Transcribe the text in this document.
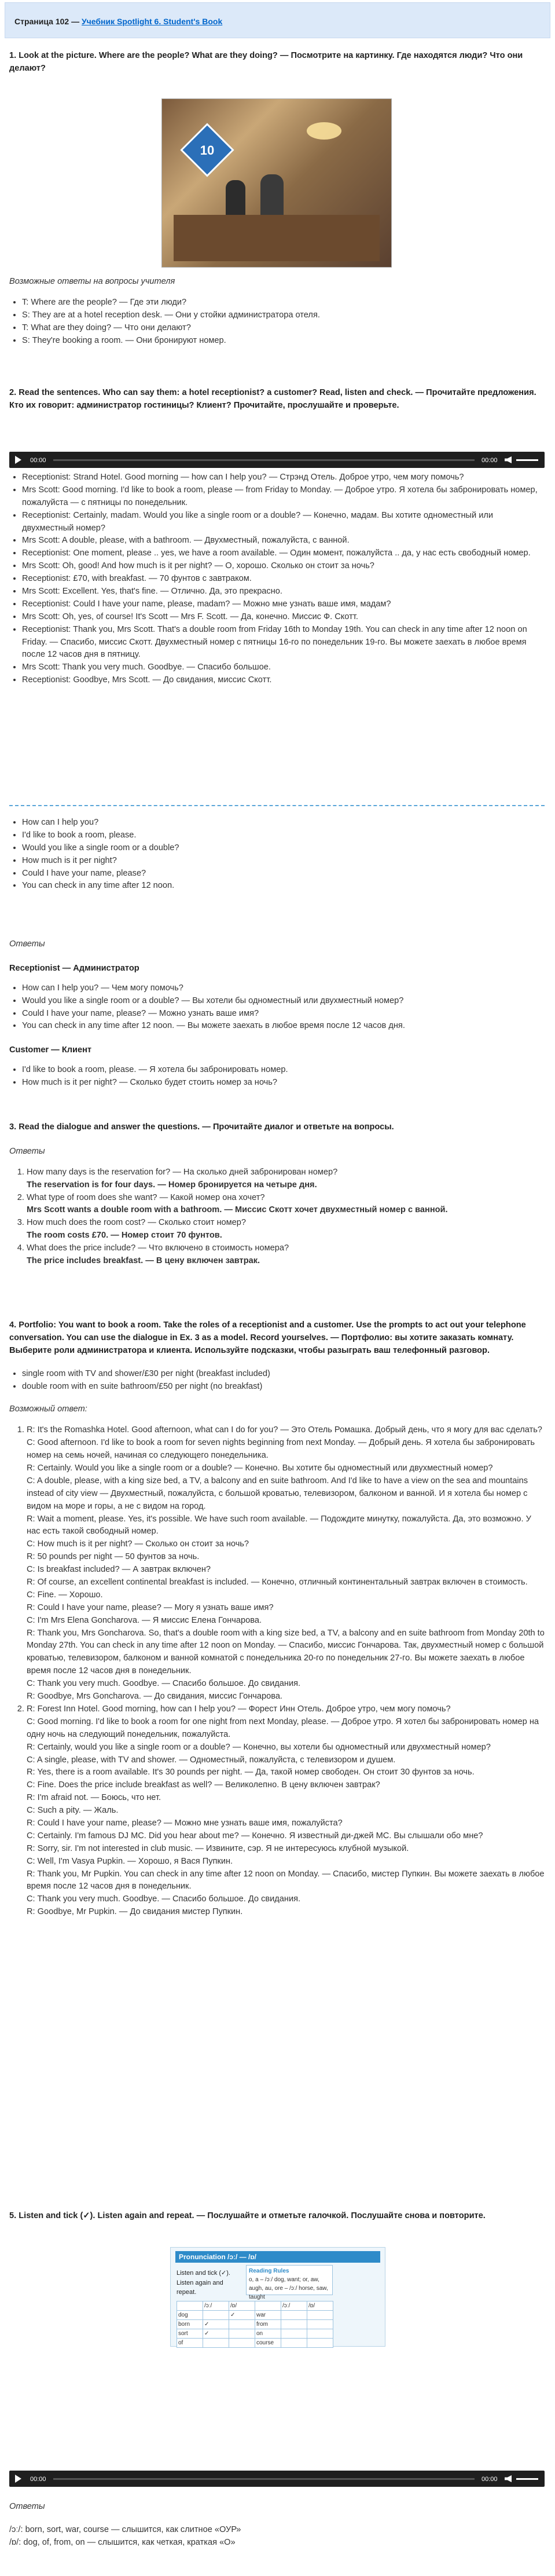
Страница 102 — Учебник Spotlight 6. Student's Book

1. Look at the picture. Where are the people? What are they doing? — Посмотрите на картинку. Где находятся люди? Что они делают?

10
Возможные ответы на вопросы учителя
• T: Where are the people? — Где эти люди?
• S: They are at a hotel reception desk. — Они у стойки администратора отеля.
• T: What are they doing? — Что они делают?
• S: They're booking a room. — Они бронируют номер.

2. Read the sentences. Who can say them: a hotel receptionist? a customer? Read, listen and check. — Прочитайте предложения. Кто их говорит: администратор гостиницы? Клиент? Прочитайте, прослушайте и проверьте.

00:00	00:00
• Receptionist: Strand Hotel. Good morning — how can I help you? — Стрэнд Отель. Доброе утро, чем могу помочь?
• Mrs Scott: Good morning. I'd like to book a room, please — from Friday to Monday. — Доброе утро. Я хотела бы забронировать номер, пожалуйста — с пятницы по понедельник.
• Receptionist: Certainly, madam. Would you like a single room or a double? — Конечно, мадам. Вы хотите одноместный или двухместный номер?
• Mrs Scott: A double, please, with a bathroom. — Двухместный, пожалуйста, с ванной.
• Receptionist: One moment, please .. yes, we have a room available. — Один момент, пожалуйста .. да, у нас есть свободный номер.
• Mrs Scott: Oh, good! And how much is it per night? — О, хорошо. Сколько он стоит за ночь?
• Receptionist: £70, with breakfast. — 70 фунтов с завтраком.
• Mrs Scott: Excellent. Yes, that's fine. — Отлично. Да, это прекрасно.
• Receptionist: Could I have your name, please, madam? — Можно мне узнать ваше имя, мадам?
• Mrs Scott: Oh, yes, of course! It's Scott — Mrs F. Scott. — Да, конечно. Миссис Ф. Скотт.
• Receptionist: Thank you, Mrs Scott. That's a double room from Friday 16th to Monday 19th. You can check in any time after 12 noon on Friday. — Спасибо, миссис Скотт. Двухместный номер с пятницы 16-го по понедельник 19-го. Вы можете заехать в любое время после 12 часов дня в пятницу.
• Mrs Scott: Thank you very much. Goodbye. — Спасибо большое.
• Receptionist: Goodbye, Mrs Scott. — До свидания, миссис Скотт.
• How can I help you?
• I'd like to book a room, please.
• Would you like a single room or a double?
• How much is it per night?
• Could I have your name, please?
• You can check in any time after 12 noon.
Ответы
Receptionist — Администратор
• How can I help you? — Чем могу помочь?
• Would you like a single room or a double? — Вы хотели бы одноместный или двухместный номер?
• Could I have your name, please? — Можно узнать ваше имя?
• You can check in any time after 12 noon. — Вы можете заехать в любое время после 12 часов дня.
Customer — Клиент
• I'd like to book a room, please. — Я хотела бы забронировать номер.
• How much is it per night? — Сколько будет стоить номер за ночь?

3. Read the dialogue and answer the questions. — Прочитайте диалог и ответьте на вопросы.

Ответы
1. How many days is the reservation for? — На сколько дней забронирован номер?
The reservation is for four days. — Номер бронируется на четыре дня.
2. What type of room does she want? — Какой номер она хочет?
Mrs Scott wants a double room with a bathroom. — Миссис Скотт хочет двухместный номер с ванной.
3. How much does the room cost? — Сколько стоит номер?
The room costs £70. — Номер стоит 70 фунтов.
4. What does the price include? — Что включено в стоимость номера?
The price includes breakfast. — В цену включен завтрак.

4. Portfolio: You want to book a room. Take the roles of a receptionist and a customer. Use the prompts to act out your telephone conversation. You can use the dialogue in Ex. 3 as a model. Record yourselves. — Портфолио: вы хотите заказать комнату. Выберите роли администратора и клиента. Используйте подсказки, чтобы разыграть ваш телефонный разговор.

• single room with TV and shower/£30 per night (breakfast included)
• double room with en suite bathroom/£50 per night (no breakfast)
Возможный ответ:
1. R: It's the Romashka Hotel. Good afternoon, what can I do for you? — Это Отель Ромашка. Добрый день, что я могу для вас сделать?
C: Good afternoon. I'd like to book a room for seven nights beginning from next Monday. — Добрый день. Я хотела бы забронировать номер на семь ночей, начиная со следующего понедельника.
R: Certainly. Would you like a single room or a double? — Конечно. Вы хотите бы одноместный или двухместный номер?
C: A double, please, with a king size bed, a TV, a balcony and en suite bathroom. And I'd like to have a view on the sea and mountains instead of city view — Двухместный, пожалуйста, с большой кроватью, телевизором, балконом и ванной. И я хотела бы номер с видом на море и горы, а не с видом на город.
R: Wait a moment, please. Yes, it's possible. We have such room available. — Подождите минутку, пожалуйста. Да, это возможно. У нас есть такой свободный номер.
C: How much is it per night? — Сколько он стоит за ночь?
R: 50 pounds per night — 50 фунтов за ночь.
C: Is breakfast included? — А завтрак включен?
R: Of course, an excellent continental breakfast is included. — Конечно, отличный континентальный завтрак включен в стоимость.
C: Fine. — Хорошо.
R: Could I have your name, please? — Могу я узнать ваше имя?
C: I'm Mrs Elena Goncharova. — Я миссис Елена Гончарова.
R: Thank you, Mrs Goncharova. So, that's a double room with a king size bed, a TV, a balcony and en suite bathroom from Monday 20th to Monday 27th. You can check in any time after 12 noon on Monday. — Спасибо, миссис Гончарова. Так, двухместный номер с большой кроватью, телевизором, балконом и ванной комнатой с понедельника 20-го по понедельник 27-го. Вы можете заехать в любое время после 12 часов дня в понедельник.
C: Thank you very much. Goodbye. — Спасибо большое. До свидания.
R: Goodbye, Mrs Goncharova. — До свидания, миссис Гончарова.
2. R: Forest Inn Hotel. Good morning, how can I help you? — Форест Инн Отель. Доброе утро, чем могу помочь?
C: Good morning. I'd like to book a room for one night from next Monday, please. — Доброе утро. Я хотел бы забронировать номер на одну ночь на следующий понедельник, пожалуйста.
R: Certainly, would you like a single room or a double? — Конечно, вы хотели бы одноместный или двухместный номер?
C: A single, please, with TV and shower. — Одноместный, пожалуйста, с телевизором и душем.
R: Yes, there is a room available. It's 30 pounds per night. — Да, такой номер свободен. Он стоит 30 фунтов за ночь.
C: Fine. Does the price include breakfast as well? — Великолепно. В цену включен завтрак?
R: I'm afraid not. — Боюсь, что нет.
C: Such a pity. — Жаль.
R: Could I have your name, please? — Можно мне узнать ваше имя, пожалуйста?
C: Certainly. I'm famous DJ MC. Did you hear about me? — Конечно. Я известный ди-джей MC. Вы слышали обо мне?
R: Sorry, sir. I'm not interested in club music. — Извините, сэр. Я не интересуюсь клубной музыкой.
C: Well, I'm Vasya Pupkin. — Хорошо, я Вася Пупкин.
R: Thank you, Mr Pupkin. You can check in any time after 12 noon on Monday. — Спасибо, мистер Пупкин. Вы можете заехать в любое время после 12 часов дня в понедельник.
C: Thank you very much. Goodbye. — Спасибо большое. До свидания.
R: Goodbye, Mr Pupkin. — До свидания мистер Пупкин.

5. Listen and tick (✓). Listen again and repeat. — Послушайте и отметьте галочкой. Послушайте снова и повторите.

Pronunciation /ɔː/ — /ɒ/
Listen and tick (✓). Listen again and repeat.
Reading Rules
o, a – /ɔː/ dog, want; or, aw, augh, au, ore – /ɔː/ horse, saw, taught
	/ɔː/	/ɒ/		/ɔː/	/ɒ/
dog		✓	war		
born	✓		from		
sort	✓		on		
of			course		
00:00	00:00
Ответы
/ɔː/: born, sort, war, course — слышится, как слитное «ОУР»
/ɒ/: dog, of, from, on — слышится, как четкая, краткая «О»
